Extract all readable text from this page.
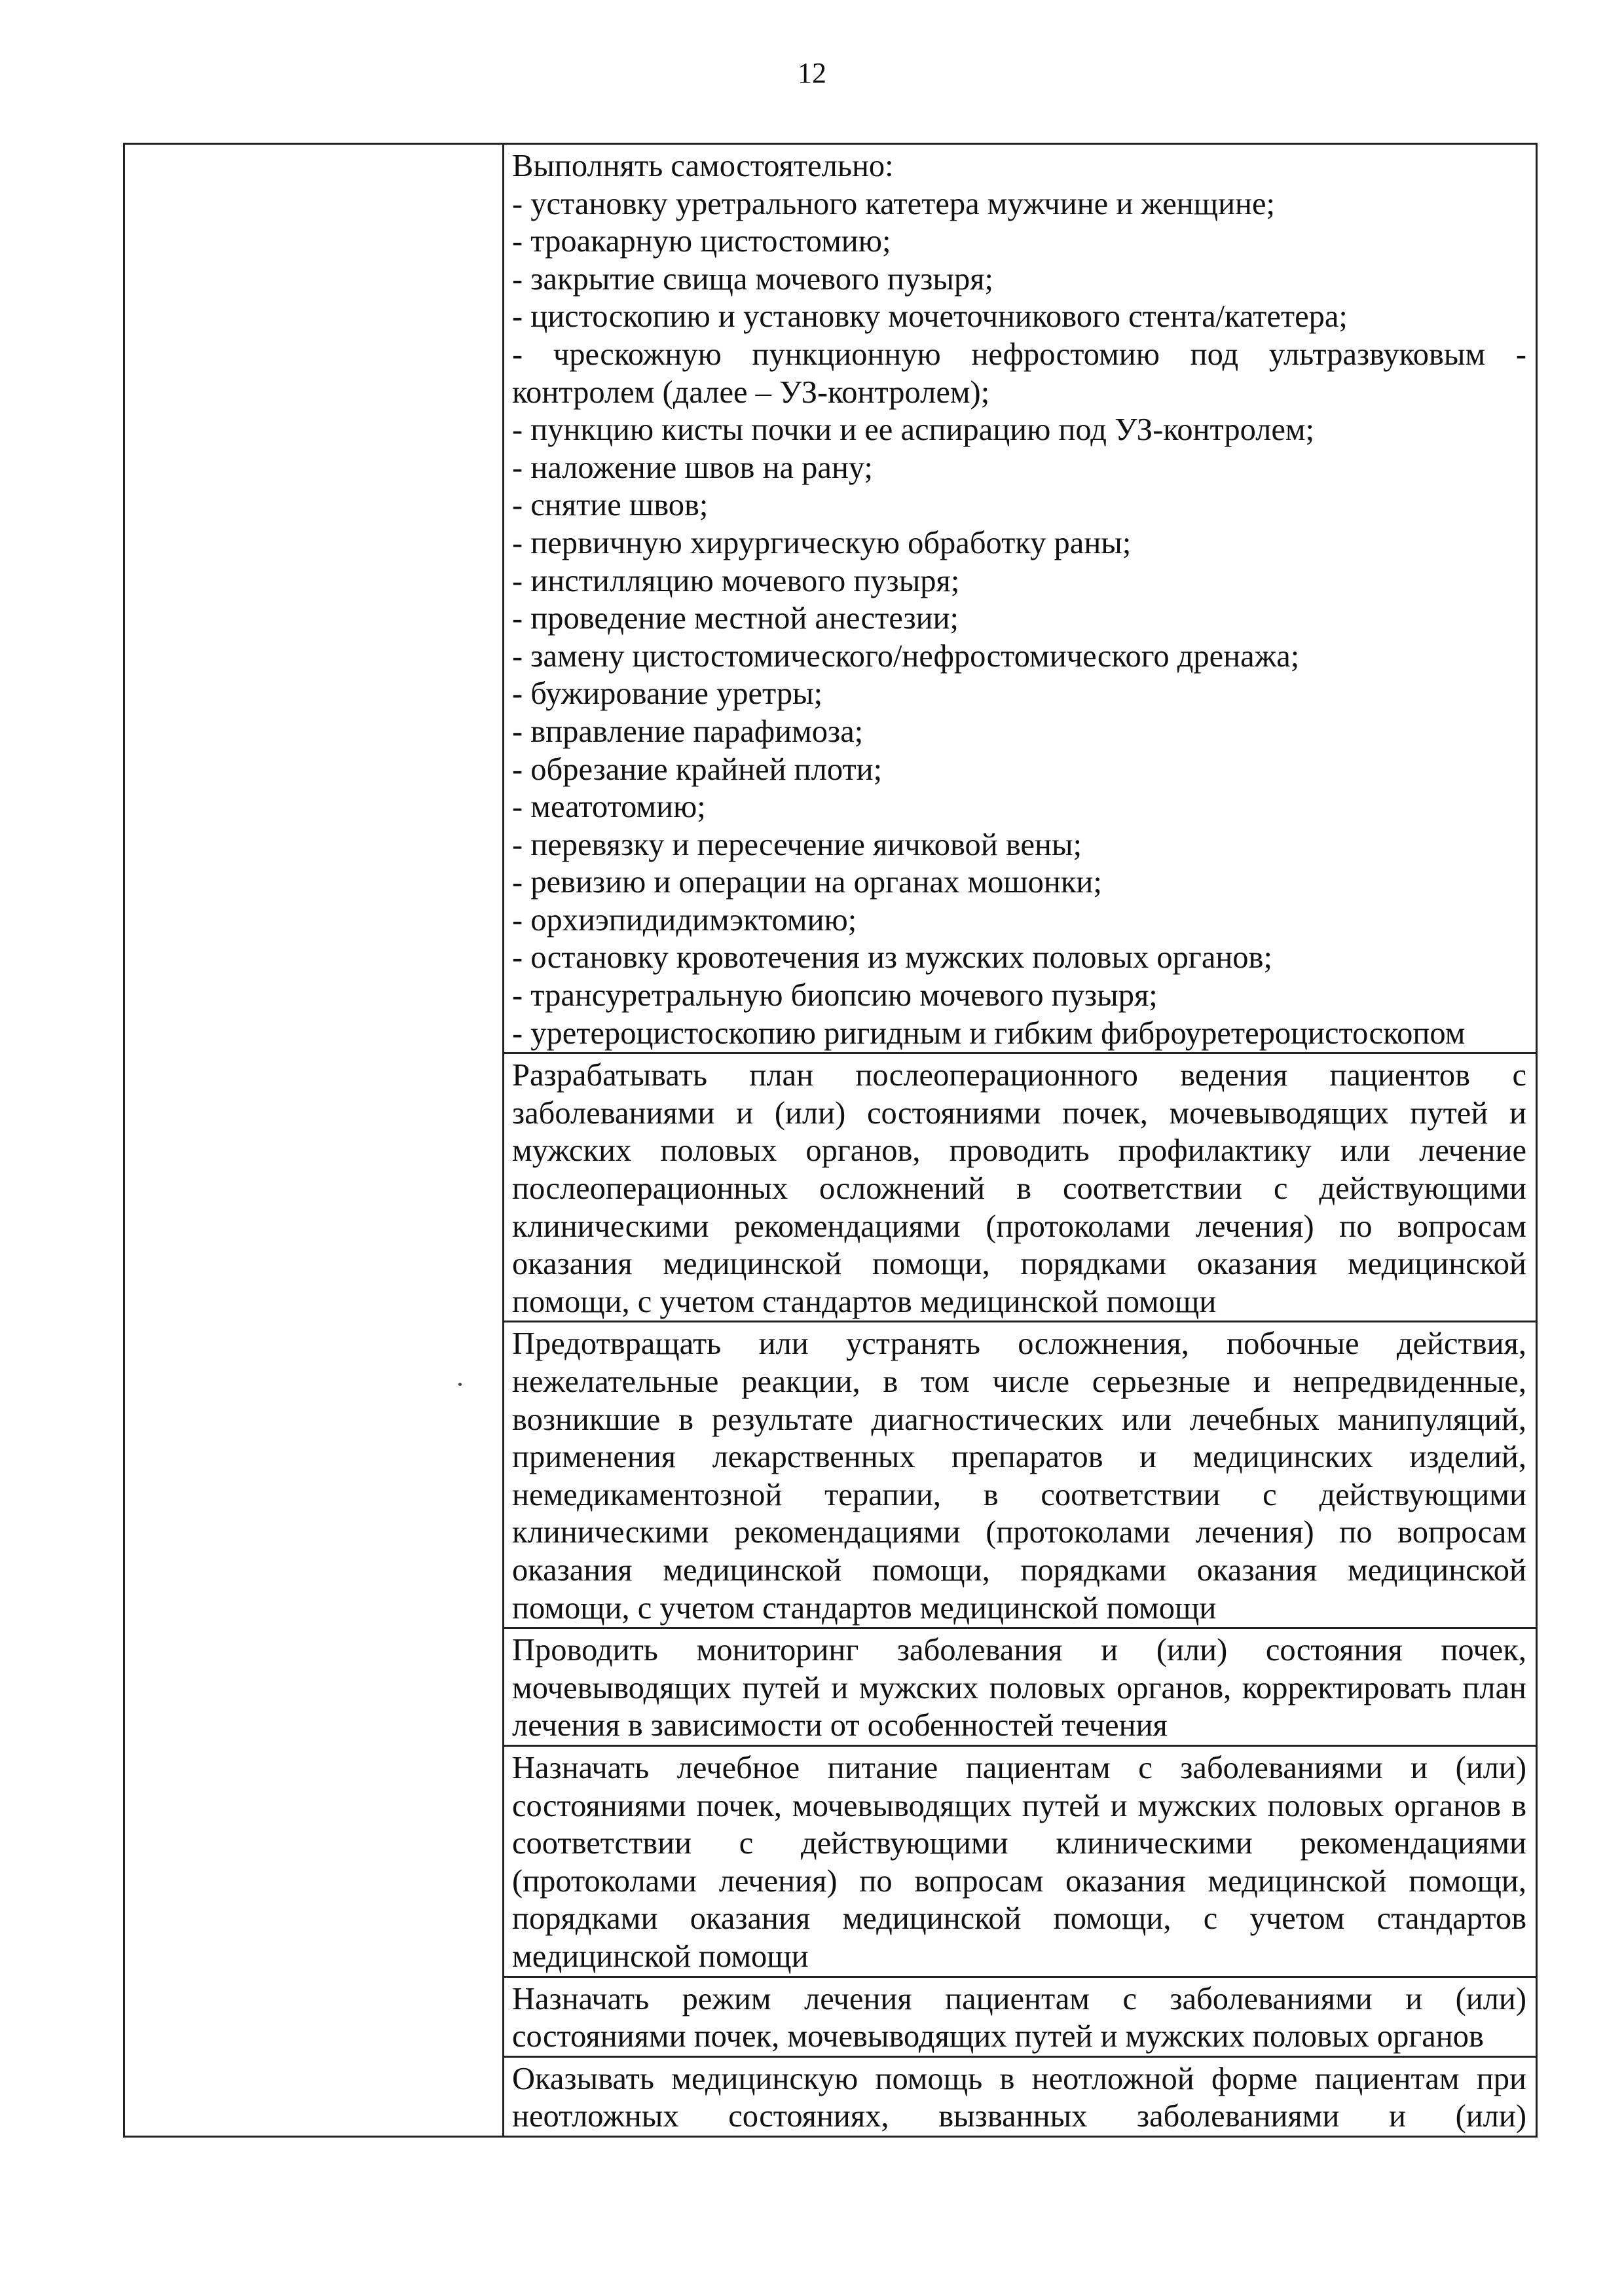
12

Выполнять самостоятельно:
- установку уретрального катетера мужчине и женщине;
- троакарную цистостомию;
- закрытие свища мочевого пузыря;
- цистоскопию и установку мочеточникового стента/катетера;
- чрескожную пункционную нефростомию под ультразвуковым -
контролем (далее – УЗ-контролем);
- пункцию кисты почки и ее аспирацию под УЗ-контролем;
- наложение швов на рану;
- снятие швов;
- первичную хирургическую обработку раны;
- инстилляцию мочевого пузыря;
- проведение местной анестезии;
- замену цистостомического/нефростомического дренажа;
- бужирование уретры;
- вправление парафимоза;
- обрезание крайней плоти;
- меатотомию;
- перевязку и пересечение яичковой вены;
- ревизию и операции на органах мошонки;
- орхиэпидидимэктомию;
- остановку кровотечения из мужских половых органов;
- трансуретральную биопсию мочевого пузыря;
- уретероцистоскопию ригидным и гибким фиброуретероцистоскопом

Разрабатывать план послеоперационного ведения пациентов с заболеваниями и (или) состояниями почек, мочевыводящих путей и мужских половых органов, проводить профилактику или лечение послеоперационных осложнений в соответствии с действующими клиническими рекомендациями (протоколами лечения) по вопросам оказания медицинской помощи, порядками оказания медицинской помощи, с учетом стандартов медицинской помощи

Предотвращать или устранять осложнения, побочные действия, нежелательные реакции, в том числе серьезные и непредвиденные, возникшие в результате диагностических или лечебных манипуляций, применения лекарственных препаратов и медицинских изделий, немедикаментозной терапии, в соответствии с действующими клиническими рекомендациями (протоколами лечения) по вопросам оказания медицинской помощи, порядками оказания медицинской помощи, с учетом стандартов медицинской помощи

Проводить мониторинг заболевания и (или) состояния почек, мочевыводящих путей и мужских половых органов, корректировать план лечения в зависимости от особенностей течения

Назначать лечебное питание пациентам с заболеваниями и (или) состояниями почек, мочевыводящих путей и мужских половых органов в соответствии с действующими клиническими рекомендациями (протоколами лечения) по вопросам оказания медицинской помощи, порядками оказания медицинской помощи, с учетом стандартов медицинской помощи

Назначать режим лечения пациентам с заболеваниями и (или) состояниями почек, мочевыводящих путей и мужских половых органов

Оказывать медицинскую помощь в неотложной форме пациентам при неотложных состояниях, вызванных заболеваниями и (или)
